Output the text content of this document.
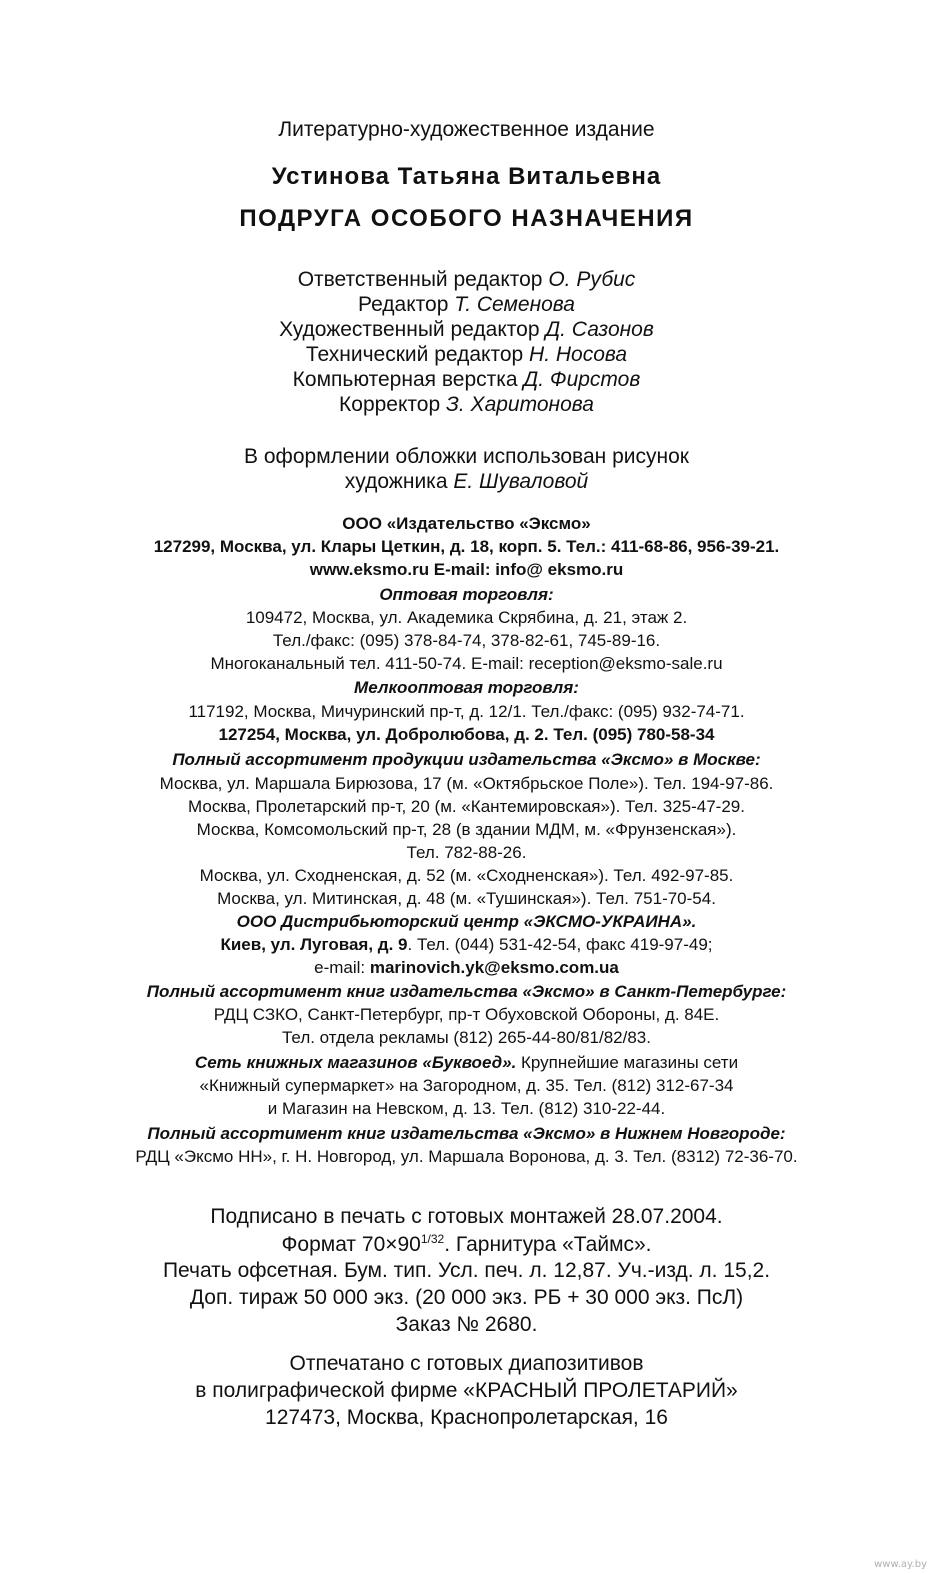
Литературно-художественное издание
Устинова Татьяна Витальевна
ПОДРУГА ОСОБОГО НАЗНАЧЕНИЯ
Ответственный редактор О. Рубис
Редактор Т. Семенова
Художественный редактор Д. Сазонов
Технический редактор Н. Носова
Компьютерная верстка Д. Фирстов
Корректор З. Харитонова
В оформлении обложки использован рисунок
художника Е. Шуваловой
ООО «Издательство «Эксмо»
127299, Москва, ул. Клары Цеткин, д. 18, корп. 5. Тел.: 411-68-86, 956-39-21.
www.eksmo.ru E-mail: info@ eksmo.ru
Оптовая торговля:
109472, Москва, ул. Академика Скрябина, д. 21, этаж 2.
Тел./факс: (095) 378-84-74, 378-82-61, 745-89-16.
Многоканальный тел. 411-50-74. E-mail: reception@eksmo-sale.ru
Мелкооптовая торговля:
117192, Москва, Мичуринский пр-т, д. 12/1. Тел./факс: (095) 932-74-71.
127254, Москва, ул. Добролюбова, д. 2. Тел. (095) 780-58-34
Полный ассортимент продукции издательства «Эксмо» в Москве:
Москва, ул. Маршала Бирюзова, 17 (м. «Октябрьское Поле»). Тел. 194-97-86.
Москва, Пролетарский пр-т, 20 (м. «Кантемировская»). Тел. 325-47-29.
Москва, Комсомольский пр-т, 28 (в здании МДМ, м. «Фрунзенская»).
Тел. 782-88-26.
Москва, ул. Сходненская, д. 52 (м. «Сходненская»). Тел. 492-97-85.
Москва, ул. Митинская, д. 48 (м. «Тушинская»). Тел. 751-70-54.
ООО Дистрибьюторский центр «ЭКСМО-УКРАИНА».
Киев, ул. Луговая, д. 9. Тел. (044) 531-42-54, факс 419-97-49;
e-mail: marinovich.yk@eksmo.com.ua
Полный ассортимент книг издательства «Эксмо» в Санкт-Петербурге:
РДЦ СЗКО, Санкт-Петербург, пр-т Обуховской Обороны, д. 84Е.
Тел. отдела рекламы (812) 265-44-80/81/82/83.
Сеть книжных магазинов «Буквоед». Крупнейшие магазины сети
«Книжный супермаркет» на Загородном, д. 35. Тел. (812) 312-67-34
и Магазин на Невском, д. 13. Тел. (812) 310-22-44.
Полный ассортимент книг издательства «Эксмо» в Нижнем Новгороде:
РДЦ «Эксмо НН», г. Н. Новгород, ул. Маршала Воронова, д. 3. Тел. (8312) 72-36-70.
Подписано в печать с готовых монтажей 28.07.2004.
Формат $70\times 90^{1/32}$. Гарнитура «Таймс».
Печать офсетная. Бум. тип. Усл. печ. л. 12,87. Уч.-изд. л. 15,2.
Доп. тираж 50 000 экз. (20 000 экз. РБ + 30 000 экз. ПсЛ)
Заказ № 2680.
Отпечатано с готовых диапозитивов
в полиграфической фирме «КРАСНЫЙ ПРОЛЕТАРИЙ»
127473, Москва, Краснопролетарская, 16
www.ay.by
